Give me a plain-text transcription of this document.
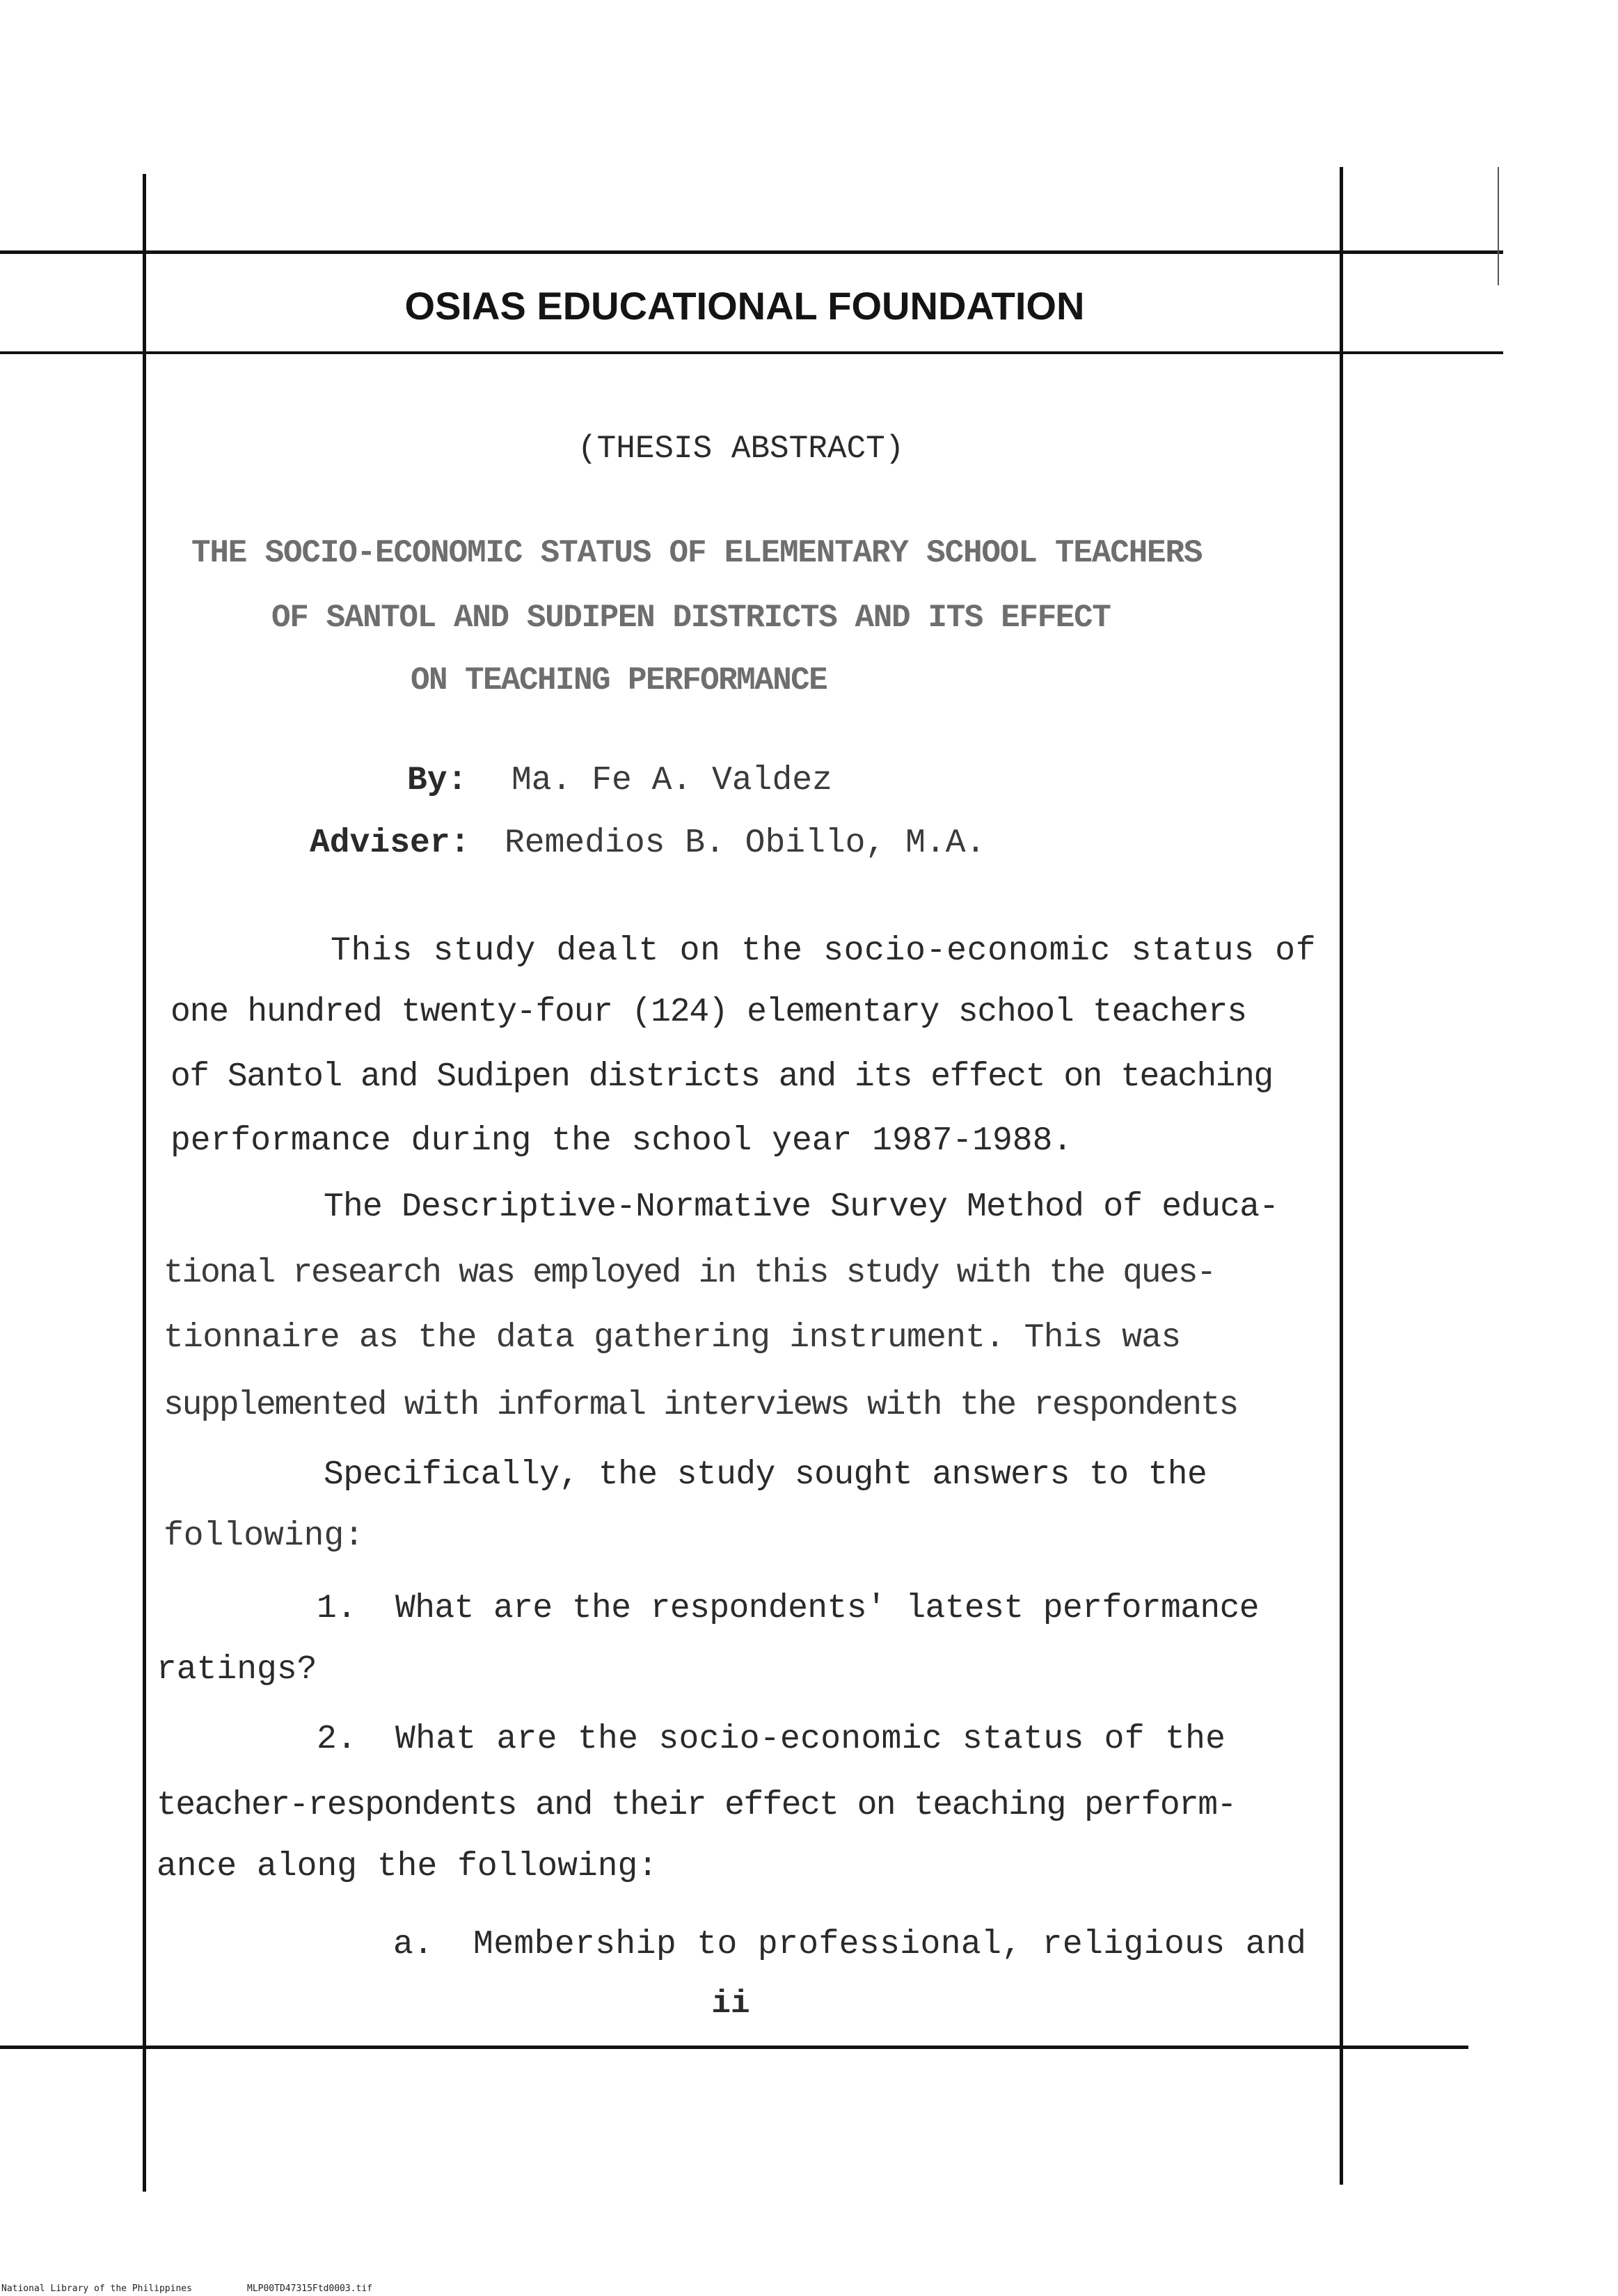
OSIAS EDUCATIONAL FOUNDATION
(THESIS ABSTRACT)
THE SOCIO-ECONOMIC STATUS OF ELEMENTARY SCHOOL TEACHERS
OF SANTOL AND SUDIPEN DISTRICTS AND ITS EFFECT
ON TEACHING PERFORMANCE
By: Ma. Fe A. Valdez
Adviser: Remedios B. Obillo, M.A.
This study dealt on the socio-economic status of
one hundred twenty-four (124) elementary school teachers
of Santol and Sudipen districts and its effect on teaching
performance during the school year 1987-1988.
The Descriptive-Normative Survey Method of educa-
tional research was employed in this study with the ques-
tionnaire as the data gathering instrument. This was
supplemented with informal interviews with the respondents
Specifically, the study sought answers to the
following:
1. What are the respondents' latest performance
ratings?
2. What are the socio-economic status of the
teacher-respondents and their effect on teaching perform-
ance along the following:
a. Membership to professional, religious and
ii
National Library of the Philippines	MLP00TD47315Ftd0003.tif
